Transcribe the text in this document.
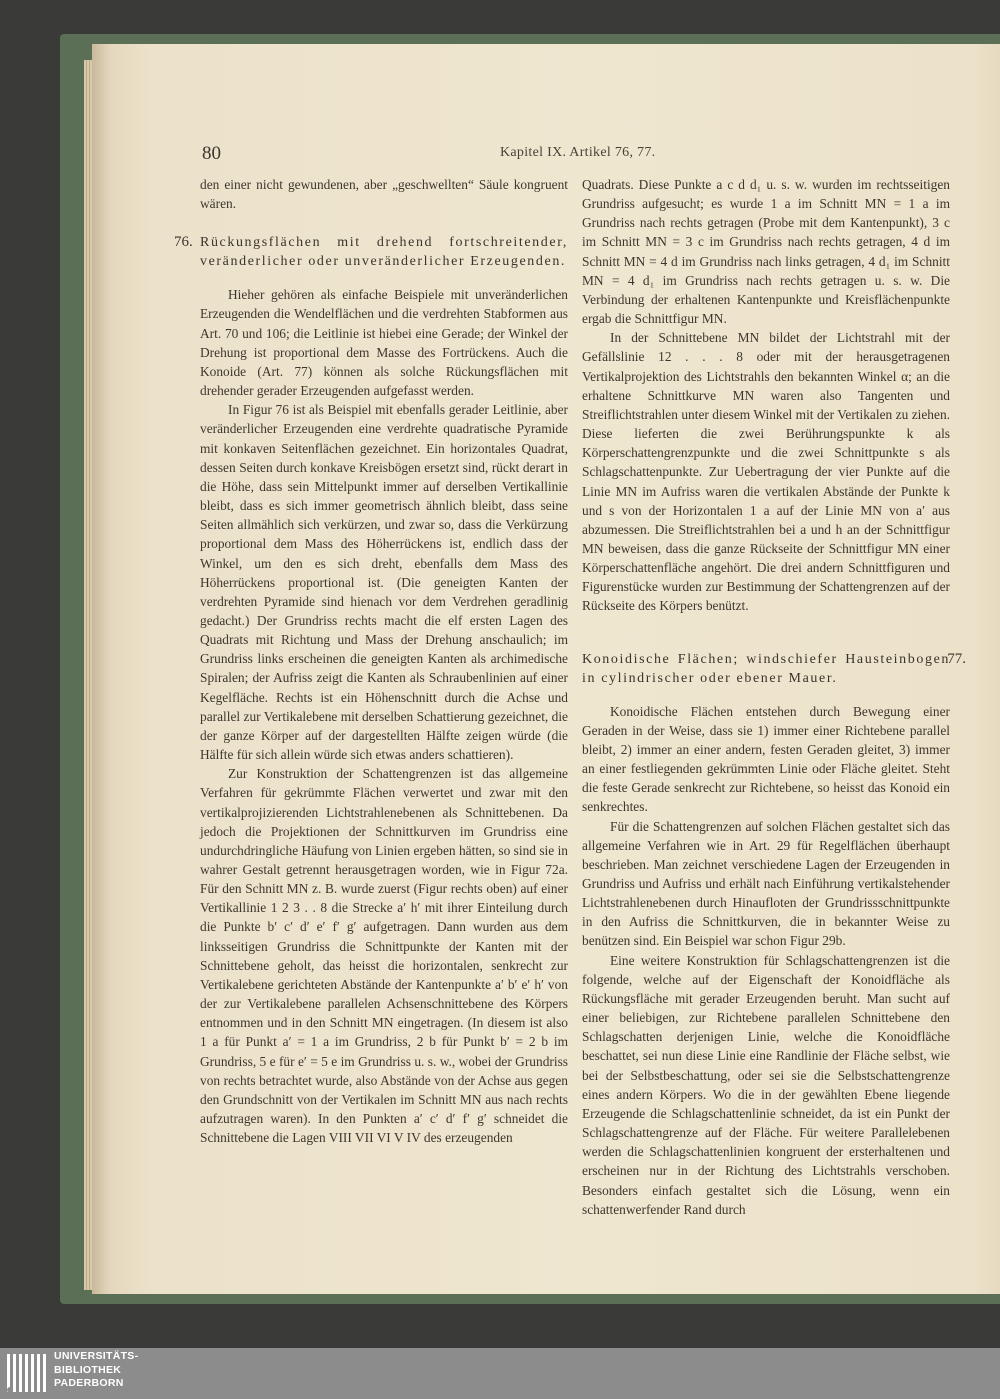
80	Kapitel IX. Artikel 76, 77.

den einer nicht gewundenen, aber „geschwellten“ Säule kongruent wären.

76. Rückungsflächen mit drehend fortschreitender, veränderlicher oder unveränderlicher Erzeugenden.

Hieher gehören als einfache Beispiele mit unveränderlichen Erzeugenden die Wendelflächen und die verdrehten Stabformen aus Art. 70 und 106; die Leitlinie ist hiebei eine Gerade; der Winkel der Drehung ist proportional dem Masse des Fortrückens. Auch die Konoide (Art. 77) können als solche Rückungsflächen mit drehender gerader Erzeugenden aufgefasst werden.

In Figur 76 ist als Beispiel mit ebenfalls gerader Leitlinie, aber veränderlicher Erzeugenden eine verdrehte quadratische Pyramide mit konkaven Seitenflächen gezeichnet. Ein horizontales Quadrat, dessen Seiten durch konkave Kreisbögen ersetzt sind, rückt derart in die Höhe, dass sein Mittelpunkt immer auf derselben Vertikallinie bleibt, dass es sich immer geometrisch ähnlich bleibt, dass seine Seiten allmählich sich verkürzen, und zwar so, dass die Verkürzung proportional dem Mass des Höherrückens ist, endlich dass der Winkel, um den es sich dreht, ebenfalls dem Mass des Höherrückens proportional ist. (Die geneigten Kanten der verdrehten Pyramide sind hienach vor dem Verdrehen geradlinig gedacht.) Der Grundriss rechts macht die elf ersten Lagen des Quadrats mit Richtung und Mass der Drehung anschaulich; im Grundriss links erscheinen die geneigten Kanten als archimedische Spiralen; der Aufriss zeigt die Kanten als Schraubenlinien auf einer Kegelfläche. Rechts ist ein Höhenschnitt durch die Achse und parallel zur Vertikalebene mit derselben Schattierung gezeichnet, die der ganze Körper auf der dargestellten Hälfte zeigen würde (die Hälfte für sich allein würde sich etwas anders schattieren).

Zur Konstruktion der Schattengrenzen ist das allgemeine Verfahren für gekrümmte Flächen verwertet und zwar mit den vertikalprojizierenden Lichtstrahlenebenen als Schnittebenen. Da jedoch die Projektionen der Schnittkurven im Grundriss eine undurchdringliche Häufung von Linien ergeben hätten, so sind sie in wahrer Gestalt getrennt herausgetragen worden, wie in Figur 72a. Für den Schnitt MN z. B. wurde zuerst (Figur rechts oben) auf einer Vertikallinie 1 2 3 . . 8 die Strecke a′ h′ mit ihrer Einteilung durch die Punkte b′ c′ d′ e′ f′ g′ aufgetragen. Dann wurden aus dem linksseitigen Grundriss die Schnittpunkte der Kanten mit der Schnittebene geholt, das heisst die horizontalen, senkrecht zur Vertikalebene gerichteten Abstände der Kantenpunkte a′ b′ e′ h′ von der zur Vertikalebene parallelen Achsenschnittebene des Körpers entnommen und in den Schnitt MN eingetragen. (In diesem ist also 1 a für Punkt a′ = 1 a im Grundriss, 2 b für Punkt b′ = 2 b im Grundriss, 5 e für e′ = 5 e im Grundriss u. s. w., wobei der Grundriss von rechts betrachtet wurde, also Abstände von der Achse aus gegen den Grundschnitt von der Vertikalen im Schnitt MN aus nach rechts aufzutragen waren). In den Punkten a′ c′ d′ f′ g′ schneidet die Schnittebene die Lagen VIII VII VI V IV des erzeugenden

Quadrats. Diese Punkte a c d d₁ u. s. w. wurden im rechtsseitigen Grundriss aufgesucht; es wurde 1 a im Schnitt MN = 1 a im Grundriss nach rechts getragen (Probe mit dem Kantenpunkt), 3 c im Schnitt MN = 3 c im Grundriss nach rechts getragen, 4 d im Schnitt MN = 4 d im Grundriss nach links getragen, 4 d₁ im Schnitt MN = 4 d₁ im Grundriss nach rechts getragen u. s. w. Die Verbindung der erhaltenen Kantenpunkte und Kreisflächenpunkte ergab die Schnittfigur MN.

In der Schnittebene MN bildet der Lichtstrahl mit der Gefällslinie 12 . . . 8 oder mit der herausgetragenen Vertikalprojektion des Lichtstrahls den bekannten Winkel α; an die erhaltene Schnittkurve MN waren also Tangenten und Streiflichtstrahlen unter diesem Winkel mit der Vertikalen zu ziehen. Diese lieferten die zwei Berührungspunkte k als Körperschattengrenzpunkte und die zwei Schnittpunkte s als Schlagschattenpunkte. Zur Uebertragung der vier Punkte auf die Linie MN im Aufriss waren die vertikalen Abstände der Punkte k und s von der Horizontalen 1 a auf der Linie MN von a′ aus abzumessen. Die Streiflichtstrahlen bei a und h an der Schnittfigur MN beweisen, dass die ganze Rückseite der Schnittfigur MN einer Körperschattenfläche angehört. Die drei andern Schnittfiguren und Figurenstücke wurden zur Bestimmung der Schattengrenzen auf der Rückseite des Körpers benützt.

Konoidische Flächen; windschiefer Hausteinbogen in cylindrischer oder ebener Mauer.
77.

Konoidische Flächen entstehen durch Bewegung einer Geraden in der Weise, dass sie 1) immer einer Richtebene parallel bleibt, 2) immer an einer andern, festen Geraden gleitet, 3) immer an einer festliegenden gekrümmten Linie oder Fläche gleitet. Steht die feste Gerade senkrecht zur Richtebene, so heisst das Konoid ein senkrechtes.

Für die Schattengrenzen auf solchen Flächen gestaltet sich das allgemeine Verfahren wie in Art. 29 für Regelflächen überhaupt beschrieben. Man zeichnet verschiedene Lagen der Erzeugenden in Grundriss und Aufriss und erhält nach Einführung vertikalstehender Lichtstrahlenebenen durch Hinaufloten der Grundrissschnittpunkte in den Aufriss die Schnittkurven, die in bekannter Weise zu benützen sind. Ein Beispiel war schon Figur 29b.

Eine weitere Konstruktion für Schlagschattengrenzen ist die folgende, welche auf der Eigenschaft der Konoidfläche als Rückungsfläche mit gerader Erzeugenden beruht. Man sucht auf einer beliebigen, zur Richtebene parallelen Schnittebene den Schlagschatten derjenigen Linie, welche die Konoidfläche beschattet, sei nun diese Linie eine Randlinie der Fläche selbst, wie bei der Selbstbeschattung, oder sei sie die Selbstschattengrenze eines andern Körpers. Wo die in der gewählten Ebene liegende Erzeugende die Schlagschattenlinie schneidet, da ist ein Punkt der Schlagschattengrenze auf der Fläche. Für weitere Parallelebenen werden die Schlagschattenlinien kongruent der ersterhaltenen und erscheinen nur in der Richtung des Lichtstrahls verschoben. Besonders einfach gestaltet sich die Lösung, wenn ein schattenwerfender Rand durch

UNIVERSITÄTS-
BIBLIOTHEK
PADERBORN
